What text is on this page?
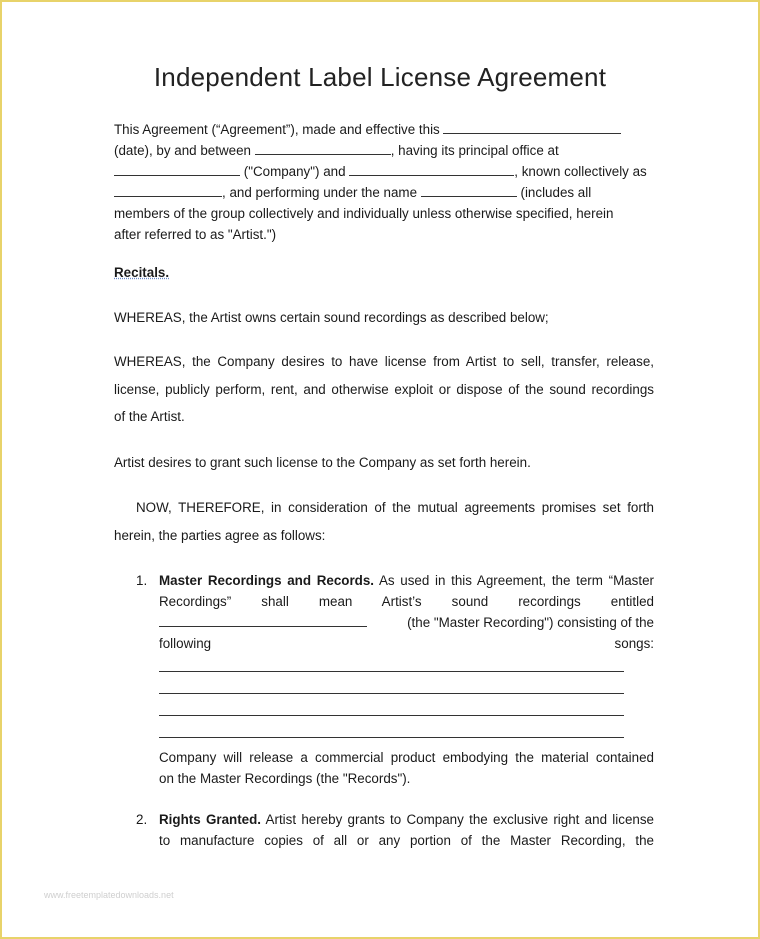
Independent Label License Agreement
This Agreement (“Agreement”), made and effective this
(date), by and between	, having its principal office at
("Company") and	, known collectively as
, and performing under the name	(includes all
members of the group collectively and individually unless otherwise specified, herein
after referred to as "Artist.")
Recitals.
WHEREAS, the Artist owns certain sound recordings as described below;
WHEREAS, the Company desires to have license from Artist to sell, transfer, release,
license, publicly perform, rent, and otherwise exploit or dispose of the sound recordings
of the Artist.
Artist desires to grant such license to the Company as set forth herein.
NOW, THEREFORE, in consideration of the mutual agreements promises set forth
herein, the parties agree as follows:
1. Master Recordings and Records. As used in this Agreement, the term “Master
Recordings” shall mean Artist’s sound recordings entitled
(the "Master Recording") consisting of the
following	songs:
Company will release a commercial product embodying the material contained
on the Master Recordings (the "Records").
2. Rights Granted. Artist hereby grants to Company the exclusive right and license
to manufacture copies of all or any portion of the Master Recording, the
www.freetemplatedownloads.net
